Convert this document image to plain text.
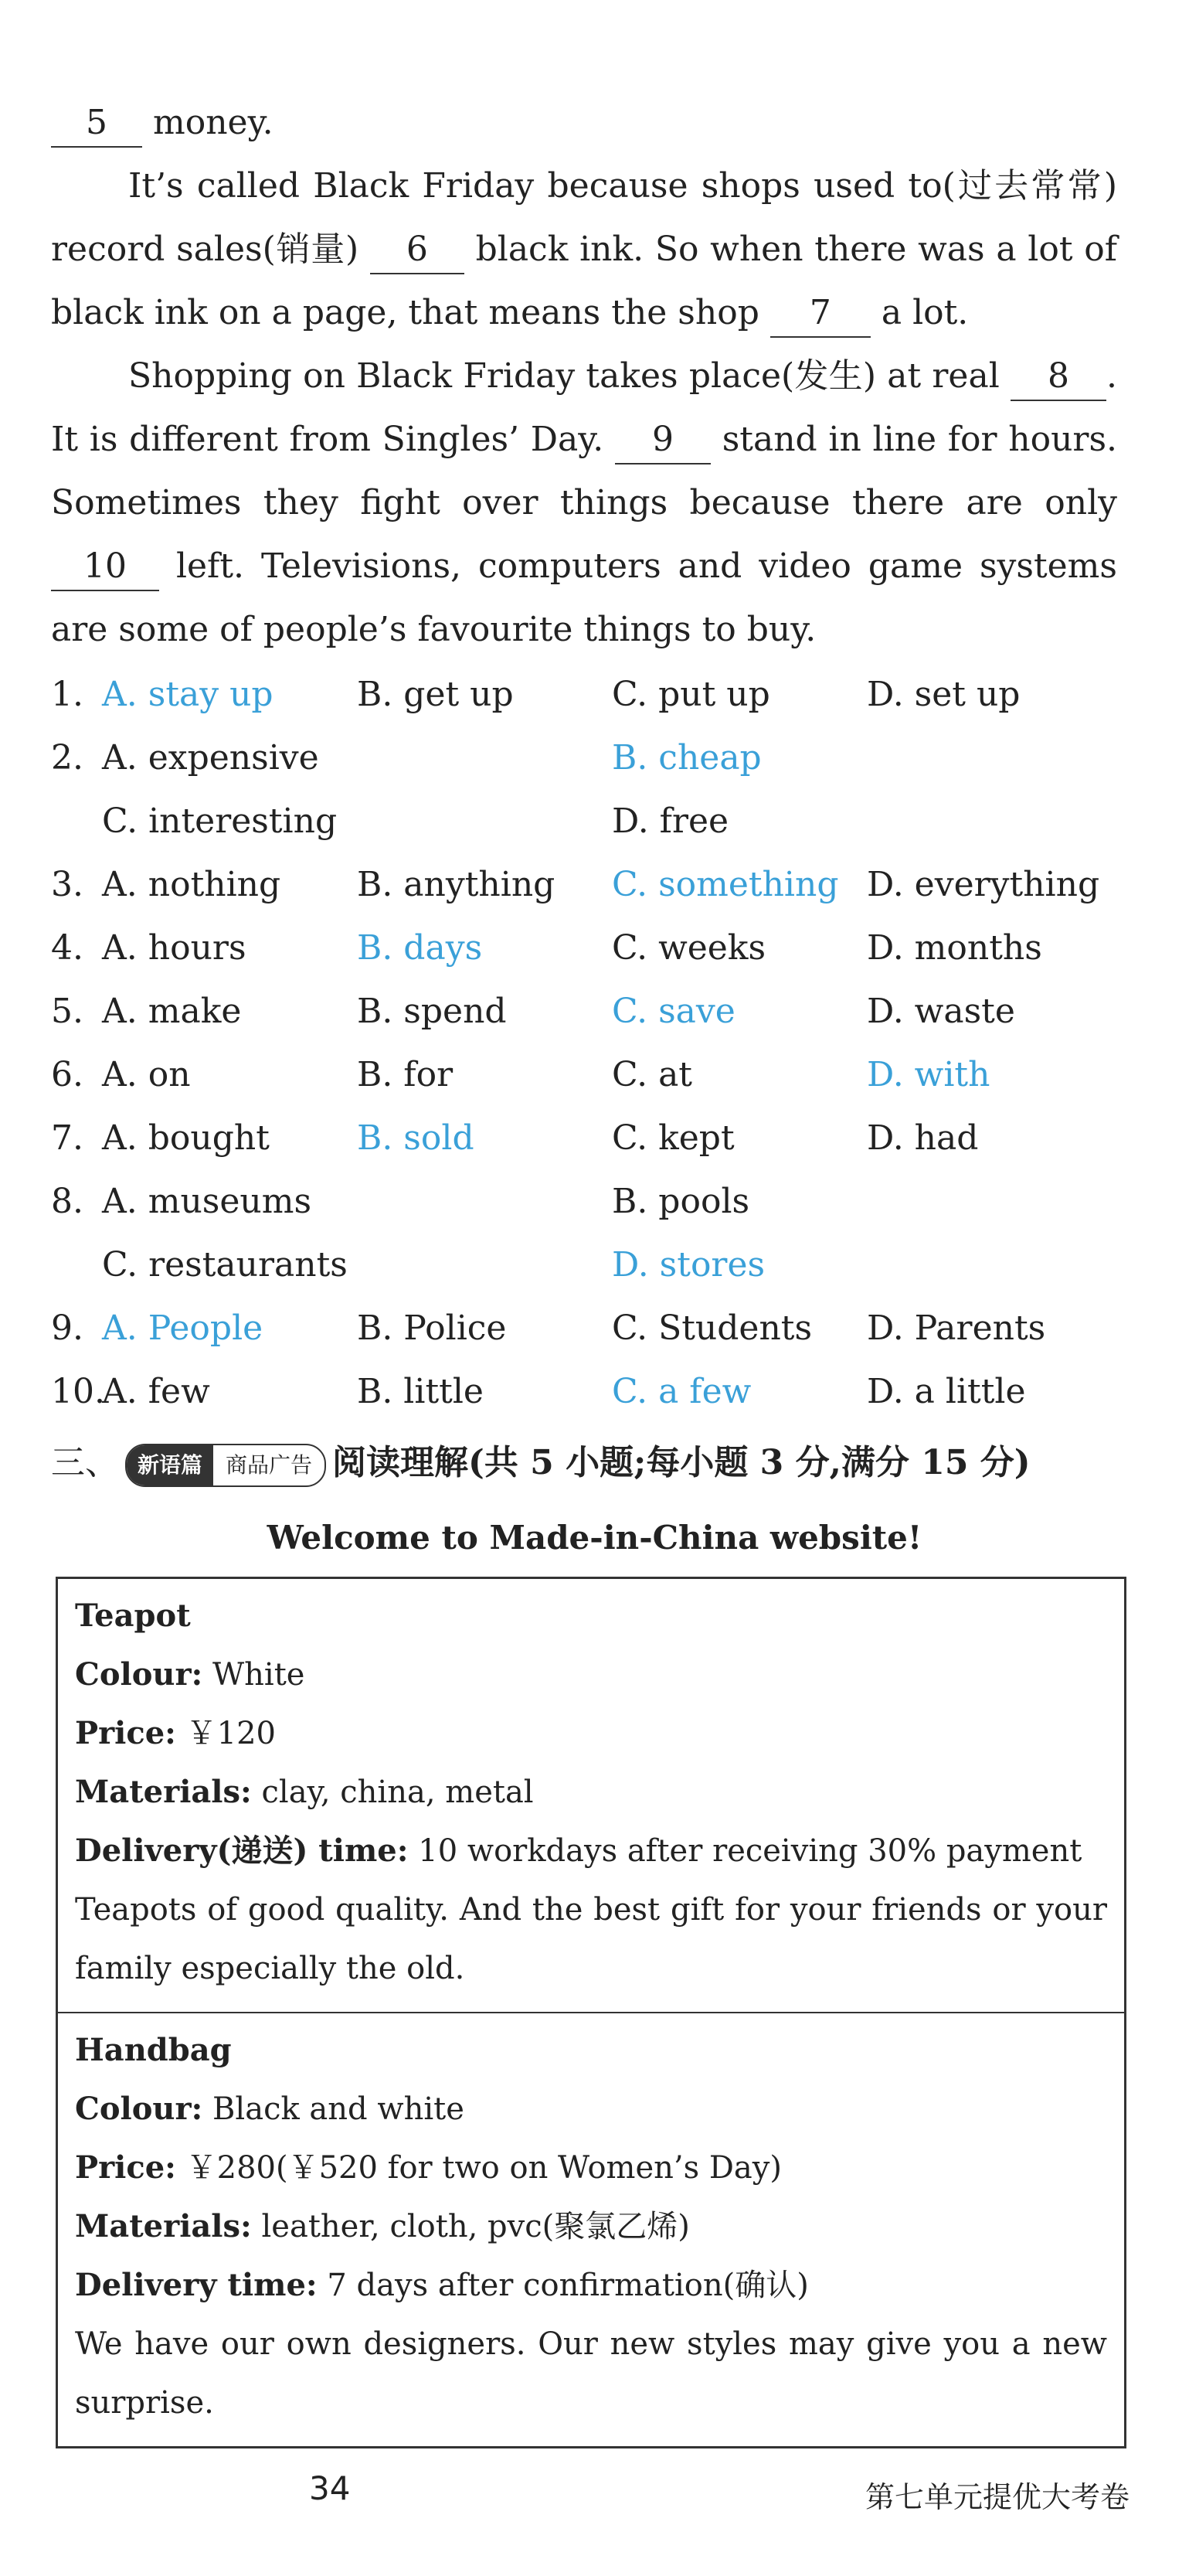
5 money.
It’s called Black Friday because shops used to(过去常常) record sales(销量) 6 black ink. So when there was a lot of black ink on a page, that means the shop 7 a lot.
Shopping on Black Friday takes place(发生) at real 8 . It is different from Singles’ Day. 9 stand in line for hours. Sometimes they fight over things because there are only 10 left. Televisions, computers and video game systems are some of people’s favourite things to buy.
1. A. stay up B. get up	C. put up	D. set up
2. A. expensive	B. cheap
C. interesting	D. free
3. A. nothing B. anything C. something D. everything
4. A. hours	B. days	C. weeks	D. months
5. A. make	B. spend	C. save	D. waste
6. A. on	B. for	C. at	D. with
7. A. bought	B. sold	C. kept	D. had
8. A. museums	B. pools
C. restaurants	D. stores
9. A. People	B. Police	C. Students D. Parents
10.
A. few	B. little	C. a few	D. a little
三、 新语篇	商品广告 阅读理解(共 5 小题;每小题 3 分,满分 15 分)
Welcome to Made-in-China website!
Teapot
Colour: White
Price: ￥120
Materials: clay, china, metal
Delivery(递送) time: 10 workdays after receiving 30% payment
Teapots of good quality. And the best gift for your friends or your family especially the old.
Handbag
Colour: Black and white
Price: ￥280(￥520 for two on Women’s Day)
Materials: leather, cloth, pvc(聚氯乙烯)
Delivery time: 7 days after confirmation(确认)
We have our own designers. Our new styles may give you a new surprise.
34	第七单元提优大考卷
